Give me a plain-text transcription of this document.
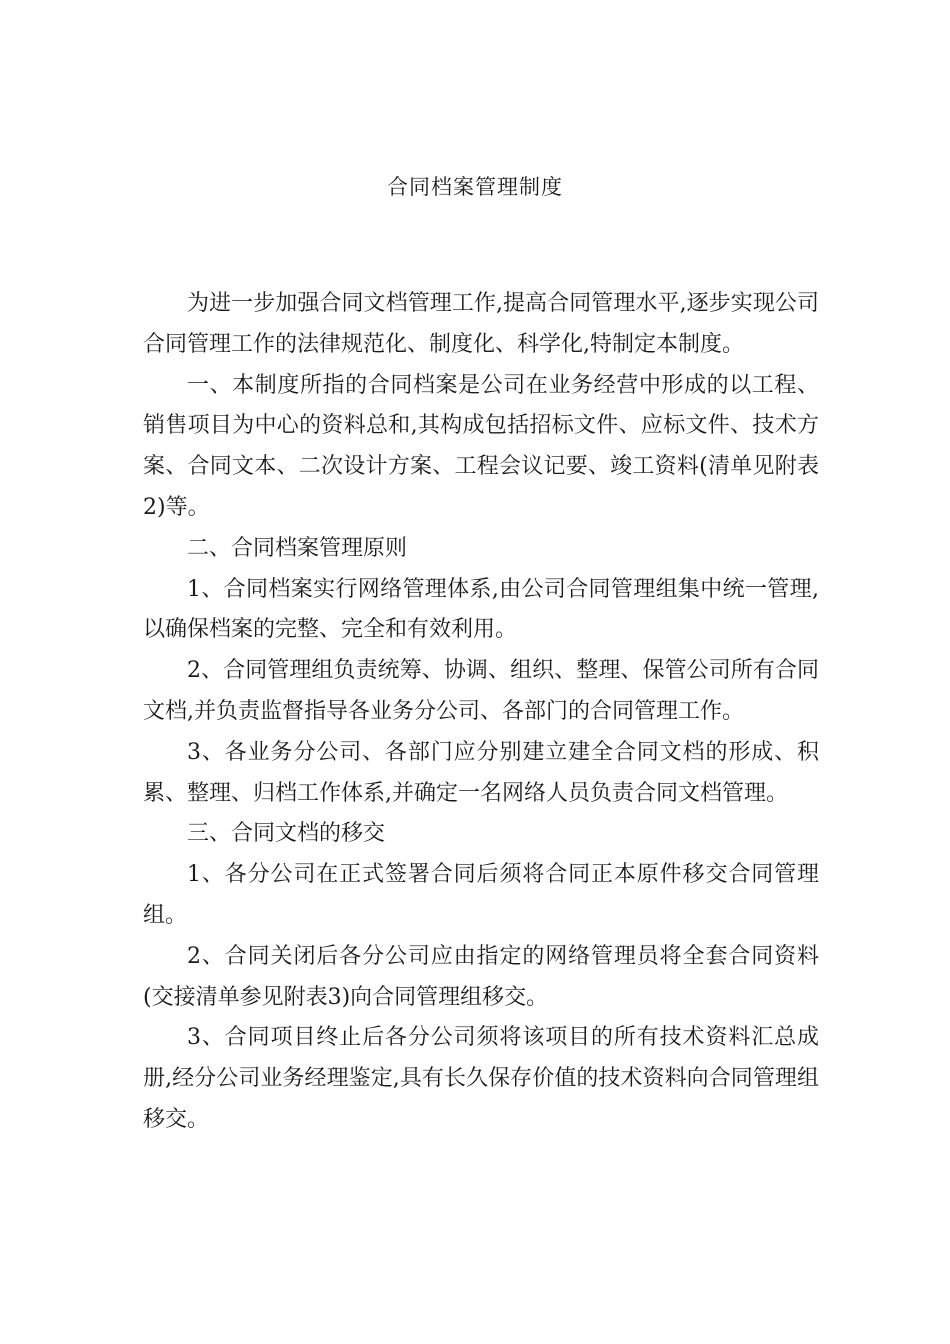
合同档案管理制度

为进一步加强合同文档管理工作,提高合同管理水平,逐步实现公司合同管理工作的法律规范化、制度化、科学化,特制定本制度。

一、本制度所指的合同档案是公司在业务经营中形成的以工程、销售项目为中心的资料总和,其构成包括招标文件、应标文件、技术方案、合同文本、二次设计方案、工程会议记要、竣工资料(清单见附表2)等。

二、合同档案管理原则

1、合同档案实行网络管理体系,由公司合同管理组集中统一管理,以确保档案的完整、完全和有效利用。

2、合同管理组负责统筹、协调、组织、整理、保管公司所有合同文档,并负责监督指导各业务分公司、各部门的合同管理工作。

3、各业务分公司、各部门应分别建立建全合同文档的形成、积累、整理、归档工作体系,并确定一名网络人员负责合同文档管理。

三、合同文档的移交

1、各分公司在正式签署合同后须将合同正本原件移交合同管理组。

2、合同关闭后各分公司应由指定的网络管理员将全套合同资料(交接清单参见附表3)向合同管理组移交。

3、合同项目终止后各分公司须将该项目的所有技术资料汇总成册,经分公司业务经理鉴定,具有长久保存价值的技术资料向合同管理组移交。
